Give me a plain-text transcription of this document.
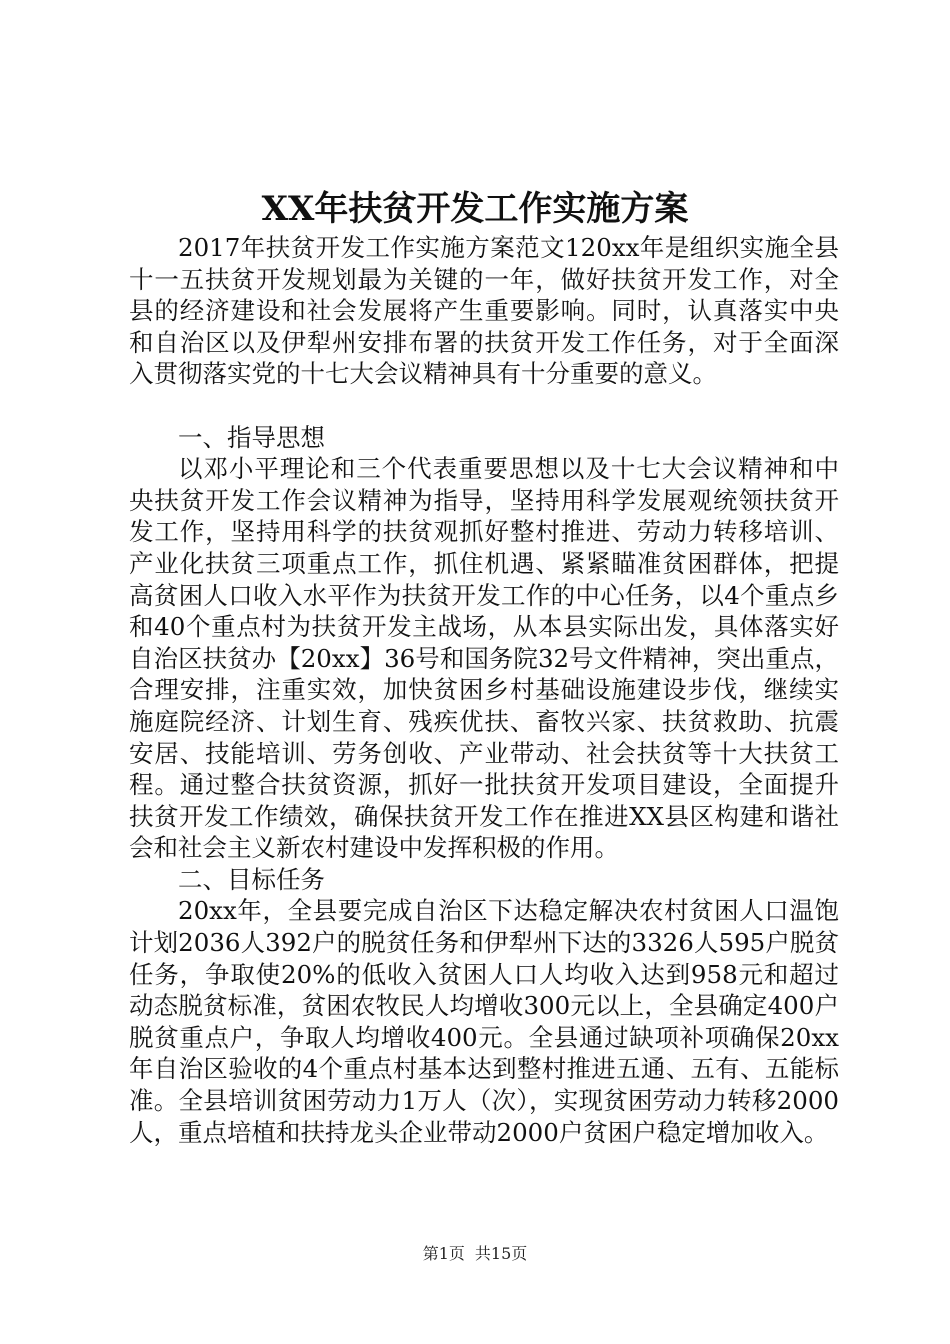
XX年扶贫开发工作实施方案

2017年扶贫开发工作实施方案范文120xx年是组织实施全县十一五扶贫开发规划最为关键的一年，做好扶贫开发工作，对全县的经济建设和社会发展将产生重要影响。同时，认真落实中央和自治区以及伊犁州安排布署的扶贫开发工作任务，对于全面深入贯彻落实党的十七大会议精神具有十分重要的意义。

一、指导思想

以邓小平理论和三个代表重要思想以及十七大会议精神和中央扶贫开发工作会议精神为指导，坚持用科学发展观统领扶贫开发工作，坚持用科学的扶贫观抓好整村推进、劳动力转移培训、产业化扶贫三项重点工作，抓住机遇、紧紧瞄准贫困群体，把提高贫困人口收入水平作为扶贫开发工作的中心任务，以4个重点乡和40个重点村为扶贫开发主战场，从本县实际出发，具体落实好自治区扶贫办【20xx】36号和国务院32号文件精神，突出重点，合理安排，注重实效，加快贫困乡村基础设施建设步伐，继续实施庭院经济、计划生育、残疾优扶、畜牧兴家、扶贫救助、抗震安居、技能培训、劳务创收、产业带动、社会扶贫等十大扶贫工程。通过整合扶贫资源，抓好一批扶贫开发项目建设，全面提升扶贫开发工作绩效，确保扶贫开发工作在推进XX县区构建和谐社会和社会主义新农村建设中发挥积极的作用。

二、目标任务

20xx年，全县要完成自治区下达稳定解决农村贫困人口温饱计划2036人392户的脱贫任务和伊犁州下达的3326人595户脱贫任务，争取使20%的低收入贫困人口人均收入达到958元和超过动态脱贫标准，贫困农牧民人均增收300元以上，全县确定400户脱贫重点户，争取人均增收400元。全县通过缺项补项确保20xx年自治区验收的4个重点村基本达到整村推进五通、五有、五能标准。全县培训贫困劳动力1万人（次），实现贫困劳动力转移2000人，重点培植和扶持龙头企业带动2000户贫困户稳定增加收入。

第1页 共15页
